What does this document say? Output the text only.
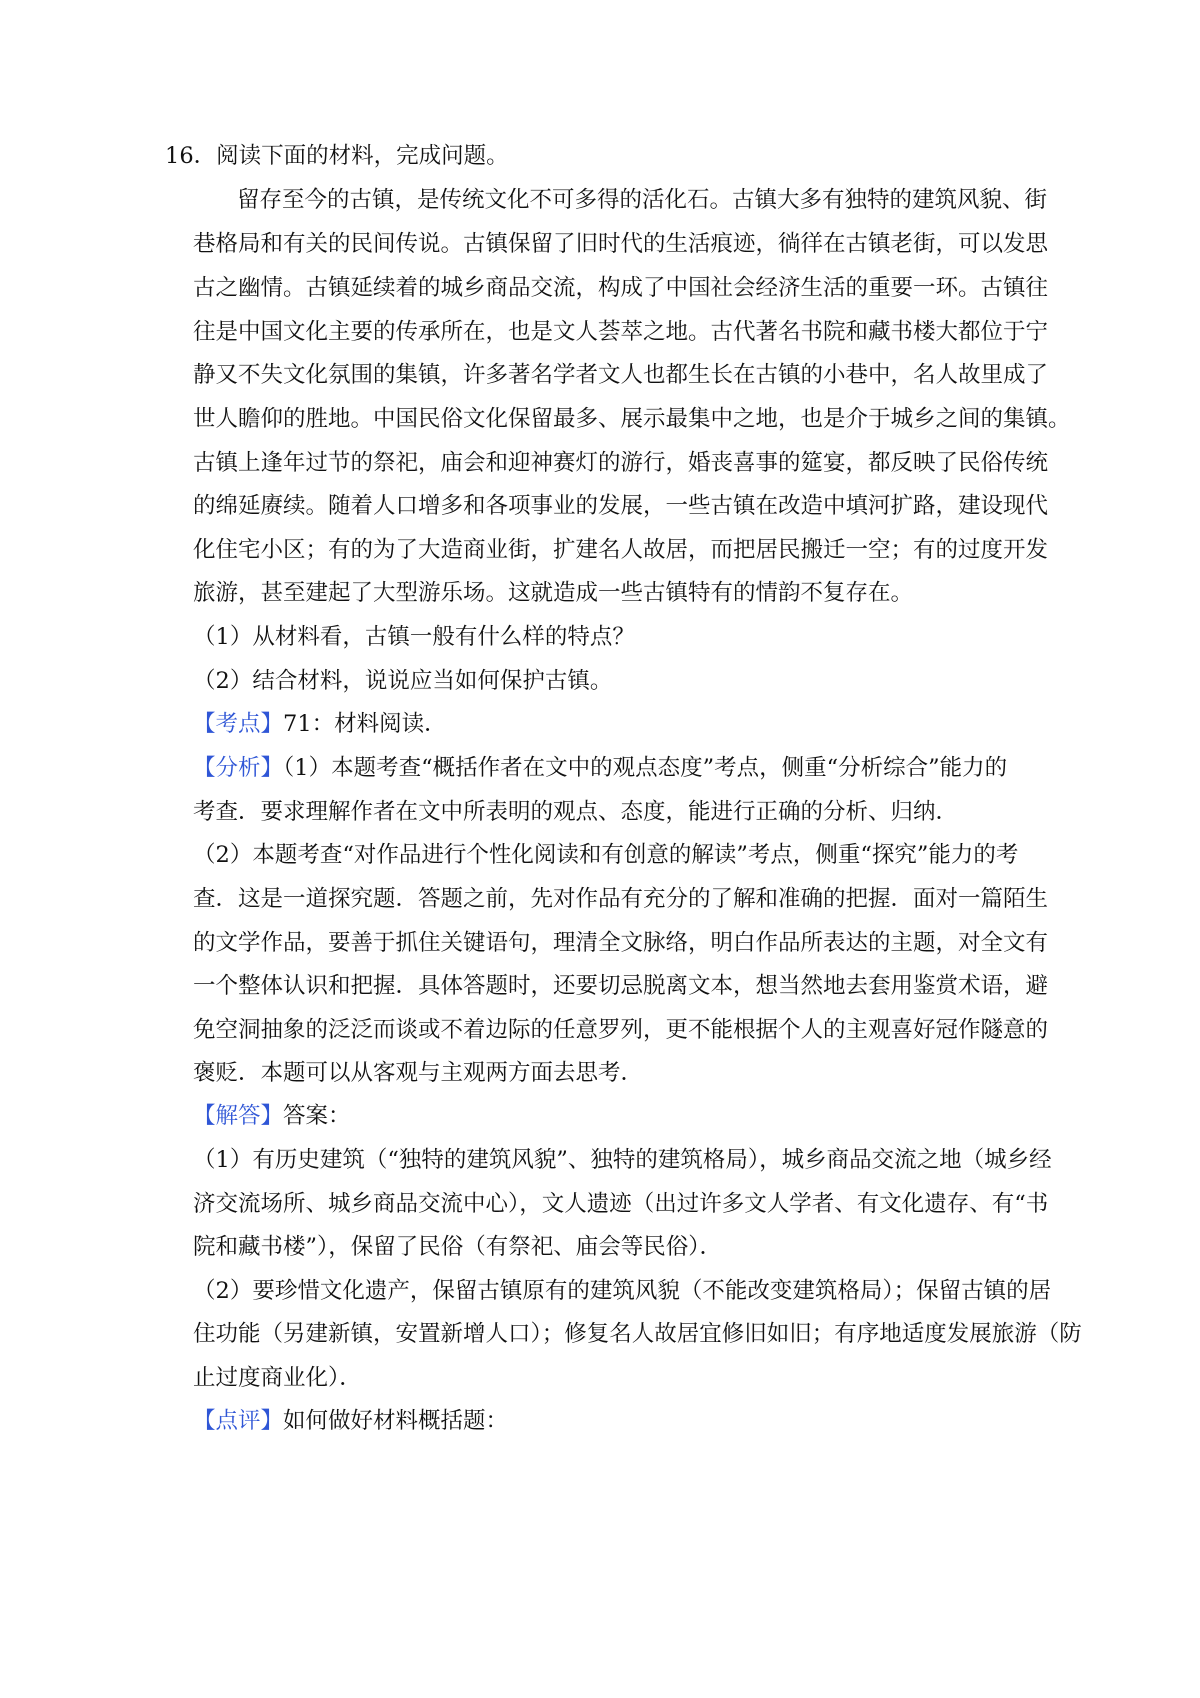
16．阅读下面的材料，完成问题。
留存至今的古镇，是传统文化不可多得的活化石。古镇大多有独特的建筑风貌、街
巷格局和有关的民间传说。古镇保留了旧时代的生活痕迹，徜徉在古镇老街，可以发思
古之幽情。古镇延续着的城乡商品交流，构成了中国社会经济生活的重要一环。古镇往
往是中国文化主要的传承所在，也是文人荟萃之地。古代著名书院和藏书楼大都位于宁
静又不失文化氛围的集镇，许多著名学者文人也都生长在古镇的小巷中，名人故里成了
世人瞻仰的胜地。中国民俗文化保留最多、展示最集中之地，也是介于城乡之间的集镇。
古镇上逢年过节的祭祀，庙会和迎神赛灯的游行，婚丧喜事的筵宴，都反映了民俗传统
的绵延赓续。随着人口增多和各项事业的发展，一些古镇在改造中填河扩路，建设现代
化住宅小区；有的为了大造商业街，扩建名人故居，而把居民搬迁一空；有的过度开发
旅游，甚至建起了大型游乐场。这就造成一些古镇特有的情韵不复存在。
（1）从材料看，古镇一般有什么样的特点？
（2）结合材料，说说应当如何保护古镇。
【考点】71：材料阅读．
【分析】（1）本题考查“概括作者在文中的观点态度”考点，侧重“分析综合”能力的
考查．要求理解作者在文中所表明的观点、态度，能进行正确的分析、归纳．
（2）本题考查“对作品进行个性化阅读和有创意的解读”考点，侧重“探究”能力的考
查．这是一道探究题．答题之前，先对作品有充分的了解和准确的把握．面对一篇陌生
的文学作品，要善于抓住关键语句，理清全文脉络，明白作品所表达的主题，对全文有
一个整体认识和把握．具体答题时，还要切忌脱离文本，想当然地去套用鉴赏术语，避
免空洞抽象的泛泛而谈或不着边际的任意罗列，更不能根据个人的主观喜好冠作隧意的
褒贬．本题可以从客观与主观两方面去思考．
【解答】答案：
（1）有历史建筑（“独特的建筑风貌”、独特的建筑格局），城乡商品交流之地（城乡经
济交流场所、城乡商品交流中心），文人遗迹（出过许多文人学者、有文化遗存、有“书
院和藏书楼”），保留了民俗（有祭祀、庙会等民俗）．
（2）要珍惜文化遗产，保留古镇原有的建筑风貌（不能改变建筑格局）；保留古镇的居
住功能（另建新镇，安置新增人口）；修复名人故居宜修旧如旧；有序地适度发展旅游（防
止过度商业化）．
【点评】如何做好材料概括题：
